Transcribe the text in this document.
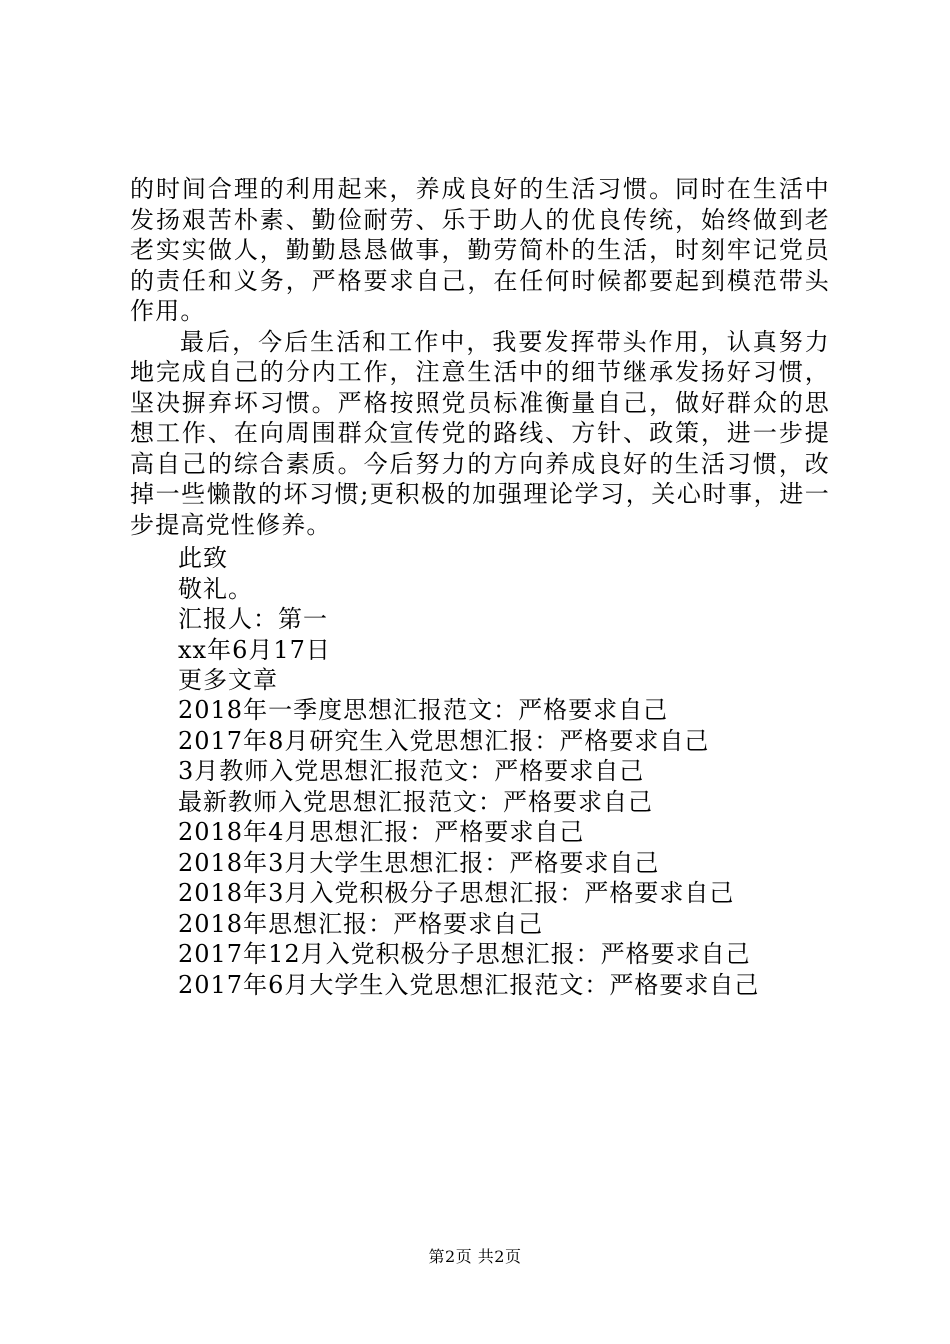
的时间合理的利用起来，养成良好的生活习惯。同时在生活中发扬艰苦朴素、勤俭耐劳、乐于助人的优良传统，始终做到老老实实做人，勤勤恳恳做事，勤劳简朴的生活，时刻牢记党员的责任和义务，严格要求自己，在任何时候都要起到模范带头作用。

最后，今后生活和工作中，我要发挥带头作用，认真努力地完成自己的分内工作，注意生活中的细节继承发扬好习惯，坚决摒弃坏习惯。严格按照党员标准衡量自己，做好群众的思想工作、在向周围群众宣传党的路线、方针、政策，进一步提高自己的综合素质。今后努力的方向养成良好的生活习惯，改掉一些懒散的坏习惯;更积极的加强理论学习，关心时事，进一步提高党性修养。

此致
敬礼。
汇报人：第一
xx年6月17日
更多文章
2018年一季度思想汇报范文：严格要求自己
2017年8月研究生入党思想汇报：严格要求自己
3月教师入党思想汇报范文：严格要求自己
最新教师入党思想汇报范文：严格要求自己
2018年4月思想汇报：严格要求自己
2018年3月大学生思想汇报：严格要求自己
2018年3月入党积极分子思想汇报：严格要求自己
2018年思想汇报：严格要求自己
2017年12月入党积极分子思想汇报：严格要求自己
2017年6月大学生入党思想汇报范文：严格要求自己
第2页 共2页
